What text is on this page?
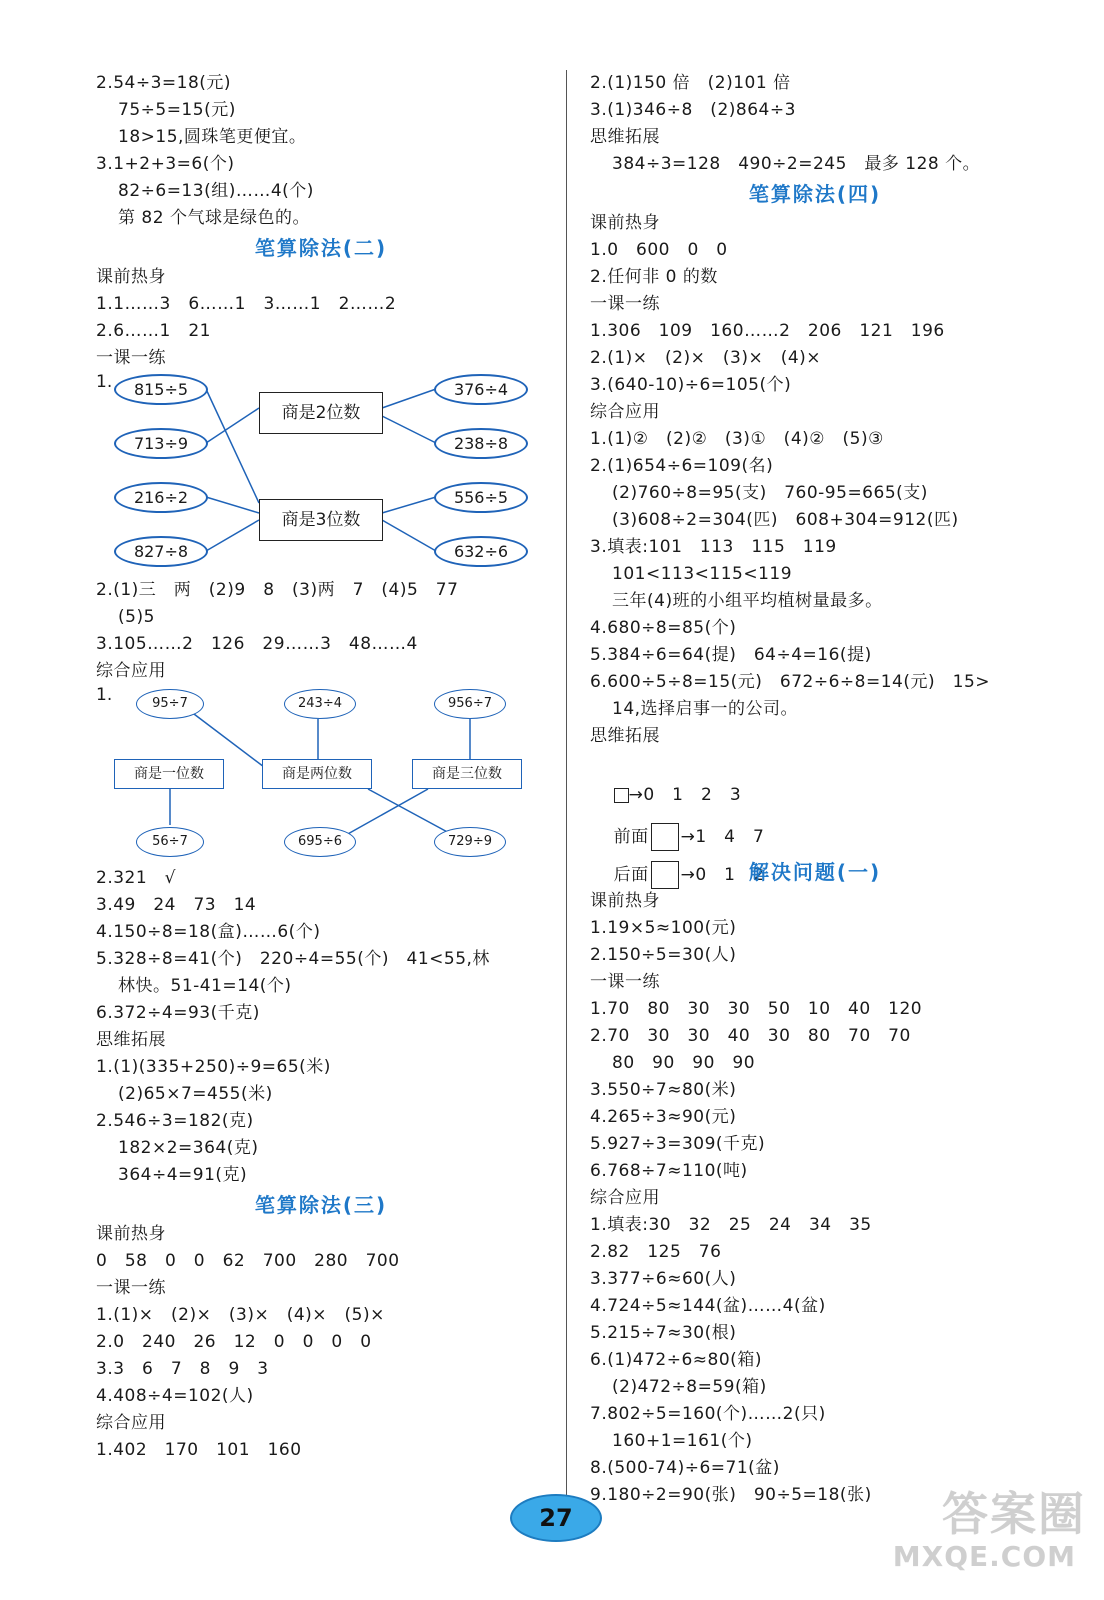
2.54÷3=18(元)
75÷5=15(元)
18>15,圆珠笔更便宜。
3.1+2+3=6(个)
82÷6=13(组)……4(个)
第 82 个气球是绿色的。
笔算除法(二)
课前热身
1.1……3　6……1　3……1　2……2
2.6……1　21
一课一练
1.	815÷5
713÷9
216÷2
827÷8
商是2位数
商是3位数
376÷4
238÷8
556÷5
632÷6
2.(1)三　两　(2)9　8　(3)两　7　(4)5　77
(5)5
3.105……2　126　29……3　48……4
综合应用
1.	95÷7	243÷4	956÷7
商是一位数	商是两位数	商是三位数
56÷7	695÷6	729÷9
2.321　√
3.49　24　73　14
4.150÷8=18(盒)……6(个)
5.328÷8=41(个)　220÷4=55(个)　41<55,林
林快。51-41=14(个)
6.372÷4=93(千克)
思维拓展
1.(1)(335+250)÷9=65(米)
(2)65×7=455(米)
2.546÷3=182(克)
182×2=364(克)
364÷4=91(克)
笔算除法(三)
课前热身
0　58　0　0　62　700　280　700
一课一练
1.(1)×　(2)×　(3)×　(4)×　(5)×
2.0　240　26　12　0　0　0　0
3.3　6　7　8　9　3
4.408÷4=102(人)
综合应用
1.402　170　101　160
2.(1)150 倍　(2)101 倍
3.(1)346÷8　(2)864÷3
思维拓展
384÷3=128　490÷2=245　最多 128 个。
笔算除法(四)
课前热身
1.0　600　0　0
2.任何非 0 的数
一课一练
1.306　109　160……2　206　121　196
2.(1)×　(2)×　(3)×　(4)×
3.(640-10)÷6=105(个)
综合应用
1.(1)②　(2)②　(3)①　(4)②　(5)③
2.(1)654÷6=109(名)
(2)760÷8=95(支)　760-95=665(支)
(3)608÷2=304(匹)　608+304=912(匹)
3.填表:101　113　115　119
101<113<115<119
三年(4)班的小组平均植树量最多。
4.680÷8=85(个)
5.384÷6=64(提)　64÷4=16(提)
6.600÷5÷8=15(元)　672÷6÷8=14(元)　15>
14,选择启事一的公司。
思维拓展

→0　1　2　3

前面 →1　4　7

后面 →0　1　2

解决问题(一)
课前热身
1.19×5≈100(元)
2.150÷5=30(人)
一课一练
1.70　80　30　30　50　10　40　120
2.70　30　30　40　30　80　70　70
80　90　90　90
3.550÷7≈80(米)
4.265÷3≈90(元)
5.927÷3=309(千克)
6.768÷7≈110(吨)
综合应用
1.填表:30　32　25　24　34　35
2.82　125　76
3.377÷6≈60(人)
4.724÷5≈144(盆)……4(盆)
5.215÷7≈30(根)
6.(1)472÷6≈80(箱)
(2)472÷8=59(箱)
7.802÷5=160(个)……2(只)
160+1=161(个)
8.(500-74)÷6=71(盆)
9.180÷2=90(张)　90÷5=18(张)
27	答案圈
MXQE.COM
